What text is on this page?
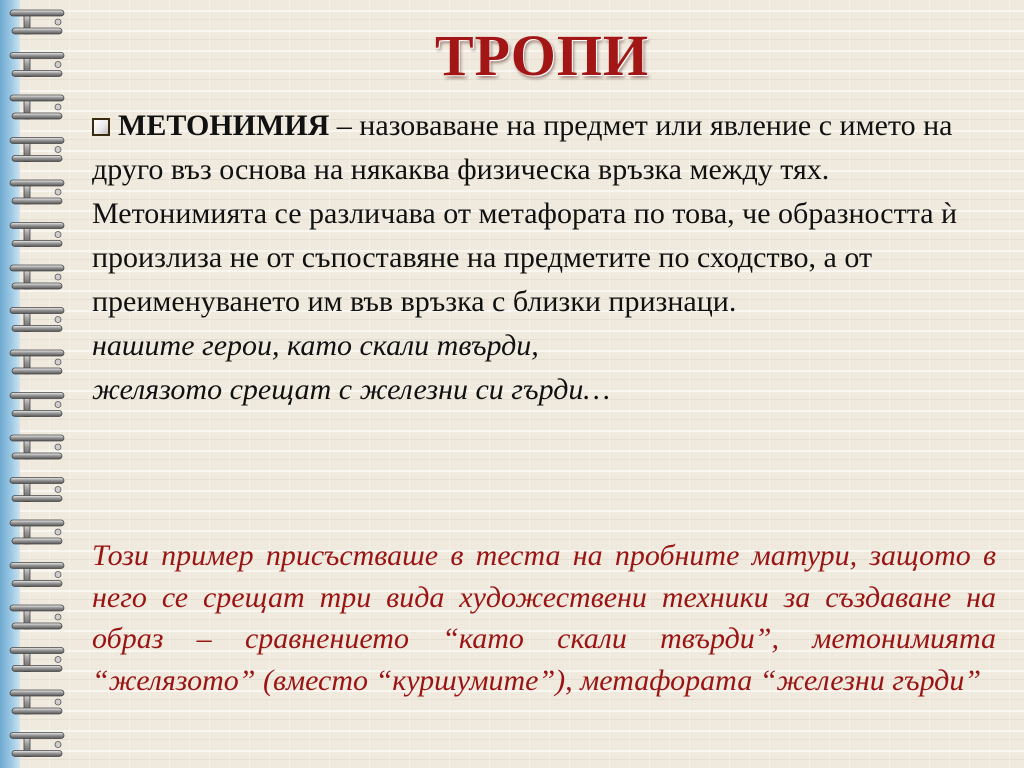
ТРОПИ

МЕТОНИМИЯ – назоваване на предмет или явление с името на друго въз основа на някаква физическа връзка между тях. Метонимията се различава от метафората по това, че образността ѝ произлиза не от съпоставяне на предметите по сходство, а от преименуването им във връзка с близки признаци.

нашите герои, като скали твърди,

желязото срещат с железни си гърди…

Този пример присъстваше в теста на пробните матури, защото в него се срещат три вида художествени техники за създаване на образ – сравнението “като скали твърди”, метонимията “желязото” (вместо “куршумите”), метафората “железни гърди”
